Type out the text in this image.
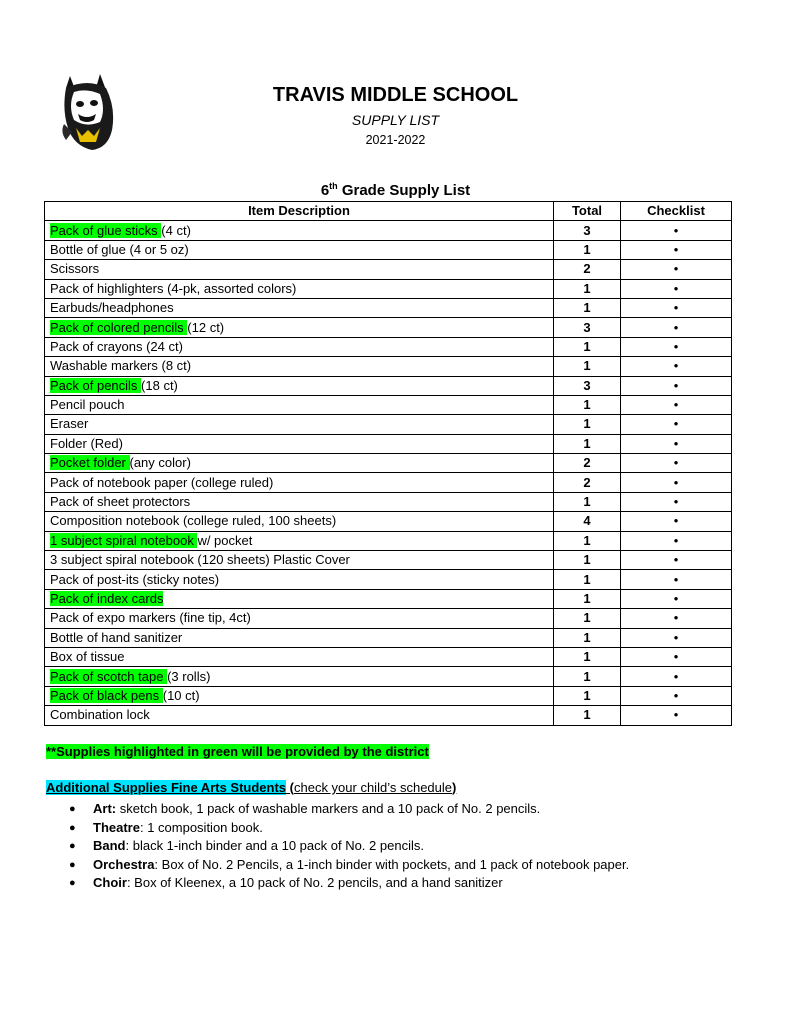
TRAVIS MIDDLE SCHOOL
SUPPLY LIST
2021-2022
6th Grade Supply List
Item Description	Total	Checklist
Pack of glue sticks (4 ct)	3	•
Bottle of glue (4 or 5 oz)	1	•
Scissors	2	•
Pack of highlighters (4-pk, assorted colors)	1	•
Earbuds/headphones	1	•
Pack of colored pencils (12 ct)	3	•
Pack of crayons (24 ct)	1	•
Washable markers (8 ct)	1	•
Pack of pencils (18 ct)	3	•
Pencil pouch	1	•
Eraser	1	•
Folder (Red)	1	•
Pocket folder (any color)	2	•
Pack of notebook paper (college ruled)	2	•
Pack of sheet protectors	1	•
Composition notebook (college ruled, 100 sheets)	4	•
1 subject spiral notebook w/ pocket	1	•
3 subject spiral notebook (120 sheets) Plastic Cover	1	•
Pack of post-its (sticky notes)	1	•
Pack of index cards	1	•
Pack of expo markers (fine tip, 4ct)	1	•
Bottle of hand sanitizer	1	•
Box of tissue	1	•
Pack of scotch tape (3 rolls)	1	•
Pack of black pens (10 ct)	1	•
Combination lock	1	•
**Supplies highlighted in green will be provided by the district
Additional Supplies Fine Arts Students (check your child’s schedule)
● Art: sketch book, 1 pack of washable markers and a 10 pack of No. 2 pencils.
● Theatre: 1 composition book.
● Band: black 1-inch binder and a 10 pack of No. 2 pencils.
● Orchestra: Box of No. 2 Pencils, a 1-inch binder with pockets, and 1 pack of notebook paper.
● Choir: Box of Kleenex, a 10 pack of No. 2 pencils, and a hand sanitizer
